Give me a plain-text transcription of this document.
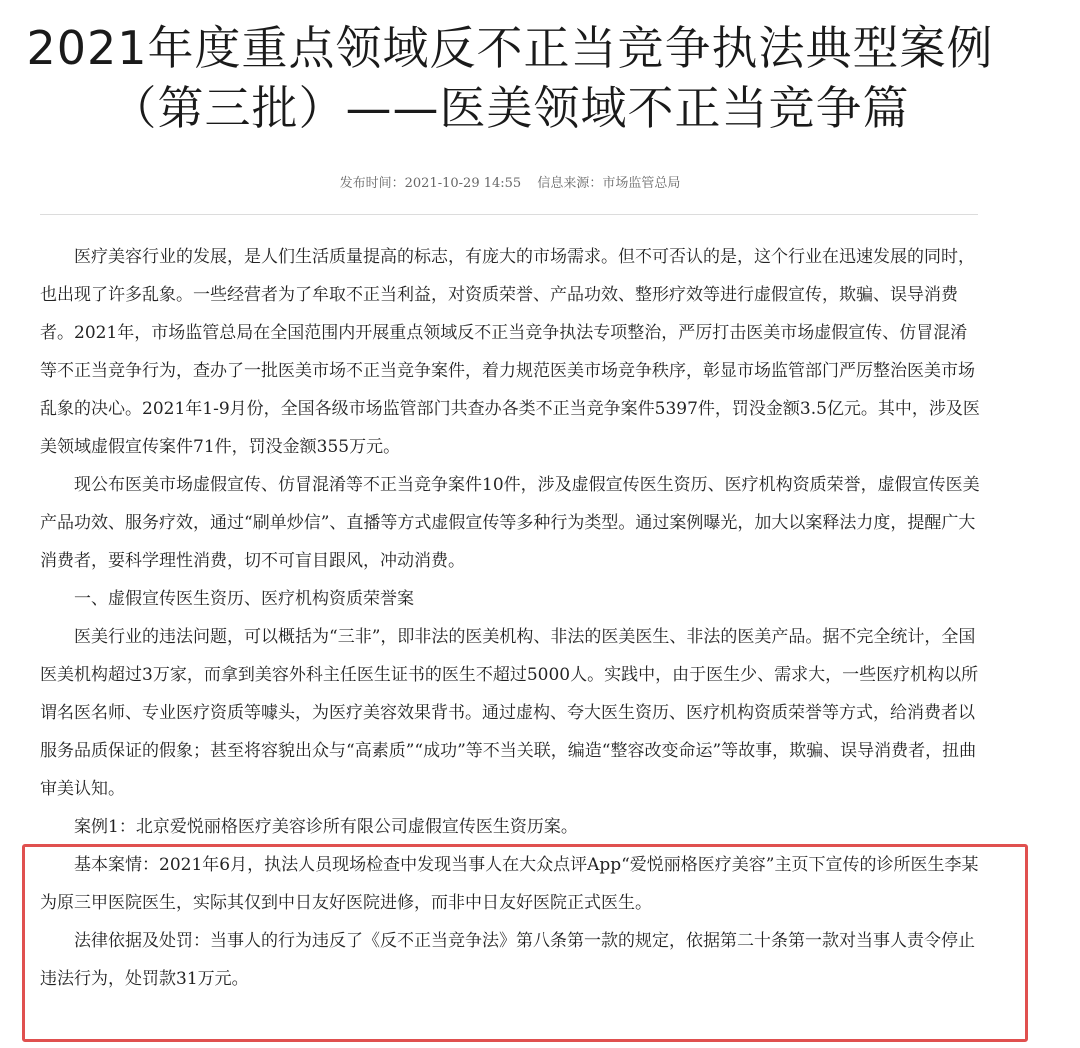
2021年度重点领域反不正当竞争执法典型案例
（第三批）——医美领域不正当竞争篇
发布时间：2021-10-29 14:55 信息来源：市场监管总局

医疗美容行业的发展，是人们生活质量提高的标志，有庞大的市场需求。但不可否认的是，这个行业在迅速发展的同时，也出现了许多乱象。一些经营者为了牟取不正当利益，对资质荣誉、产品功效、整形疗效等进行虚假宣传，欺骗、误导消费者。2021年，市场监管总局在全国范围内开展重点领域反不正当竞争执法专项整治，严厉打击医美市场虚假宣传、仿冒混淆等不正当竞争行为，查办了一批医美市场不正当竞争案件，着力规范医美市场竞争秩序，彰显市场监管部门严厉整治医美市场乱象的决心。2021年1-9月份，全国各级市场监管部门共查办各类不正当竞争案件5397件，罚没金额3.5亿元。其中，涉及医美领域虚假宣传案件71件，罚没金额355万元。

现公布医美市场虚假宣传、仿冒混淆等不正当竞争案件10件，涉及虚假宣传医生资历、医疗机构资质荣誉，虚假宣传医美产品功效、服务疗效，通过“刷单炒信”、直播等方式虚假宣传等多种行为类型。通过案例曝光，加大以案释法力度，提醒广大消费者，要科学理性消费，切不可盲目跟风，冲动消费。

一、虚假宣传医生资历、医疗机构资质荣誉案

医美行业的违法问题，可以概括为“三非”，即非法的医美机构、非法的医美医生、非法的医美产品。据不完全统计，全国医美机构超过3万家，而拿到美容外科主任医生证书的医生不超过5000人。实践中，由于医生少、需求大，一些医疗机构以所谓名医名师、专业医疗资质等噱头，为医疗美容效果背书。通过虚构、夸大医生资历、医疗机构资质荣誉等方式，给消费者以服务品质保证的假象；甚至将容貌出众与“高素质”“成功”等不当关联，编造“整容改变命运”等故事，欺骗、误导消费者，扭曲审美认知。

案例1：北京爱悦丽格医疗美容诊所有限公司虚假宣传医生资历案。

基本案情：2021年6月，执法人员现场检查中发现当事人在大众点评App“爱悦丽格医疗美容”主页下宣传的诊所医生李某为原三甲医院医生，实际其仅到中日友好医院进修，而非中日友好医院正式医生。

法律依据及处罚：当事人的行为违反了《反不正当竞争法》第八条第一款的规定，依据第二十条第一款对当事人责令停止违法行为，处罚款31万元。
